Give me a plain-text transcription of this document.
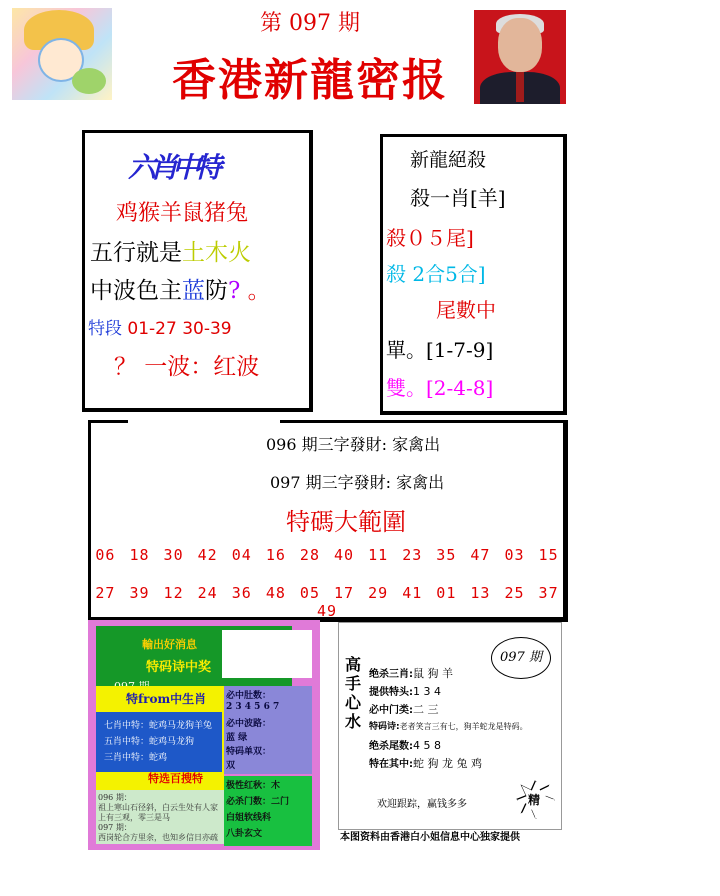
第 097 期
香港新龍密报
六肖中特
鸡猴羊鼠猪兔
五行就是土木火
中波色主蓝防? 。
特段 01-27 30-39
？ 一波：红波
新龍絕殺
殺一肖[羊]
殺０５尾]
殺 2合5合]
尾數中
單。[1-7-9]
雙。[2-4-8]
096 期三字發財: 家禽出
097 期三字發財: 家禽出
特碼大範圍
06 18 30 42 04 16 28 40 11 23 35 47 03 15
27 39 12 24 36 48 05 17 29 41 01 13 25 37 49
輸出好消息
特码诗中奖
特from中生肖
七肖中特：蛇鸡马龙狗羊兔
五肖中特：蛇鸡马龙狗
三肖中特：蛇鸡
特选百搜特
必中肚数：
2 3 4 5 6 7
必中波路：
蓝 绿
特码单双：
双
096 期：
祖上寒山石径斜，白云生处有人家
上有三观，零三是马
097 期：
西岗轮合方里余，也知乡信日亦疏
极性红秋：木
必杀门数：二门
白姐软线科
八卦玄文
高手心水
097 期
绝杀三肖:鼠 狗 羊
提供特头:1 3 4
必中门类:二 三
特码诗:老者笑言三有七，狗羊蛇龙是特码。
绝杀尾数:4 5 8
特在其中:蛇 狗 龙 兔 鸡
欢迎跟踪，赢钱多多	精
本图资料由香港白小姐信息中心独家提供
